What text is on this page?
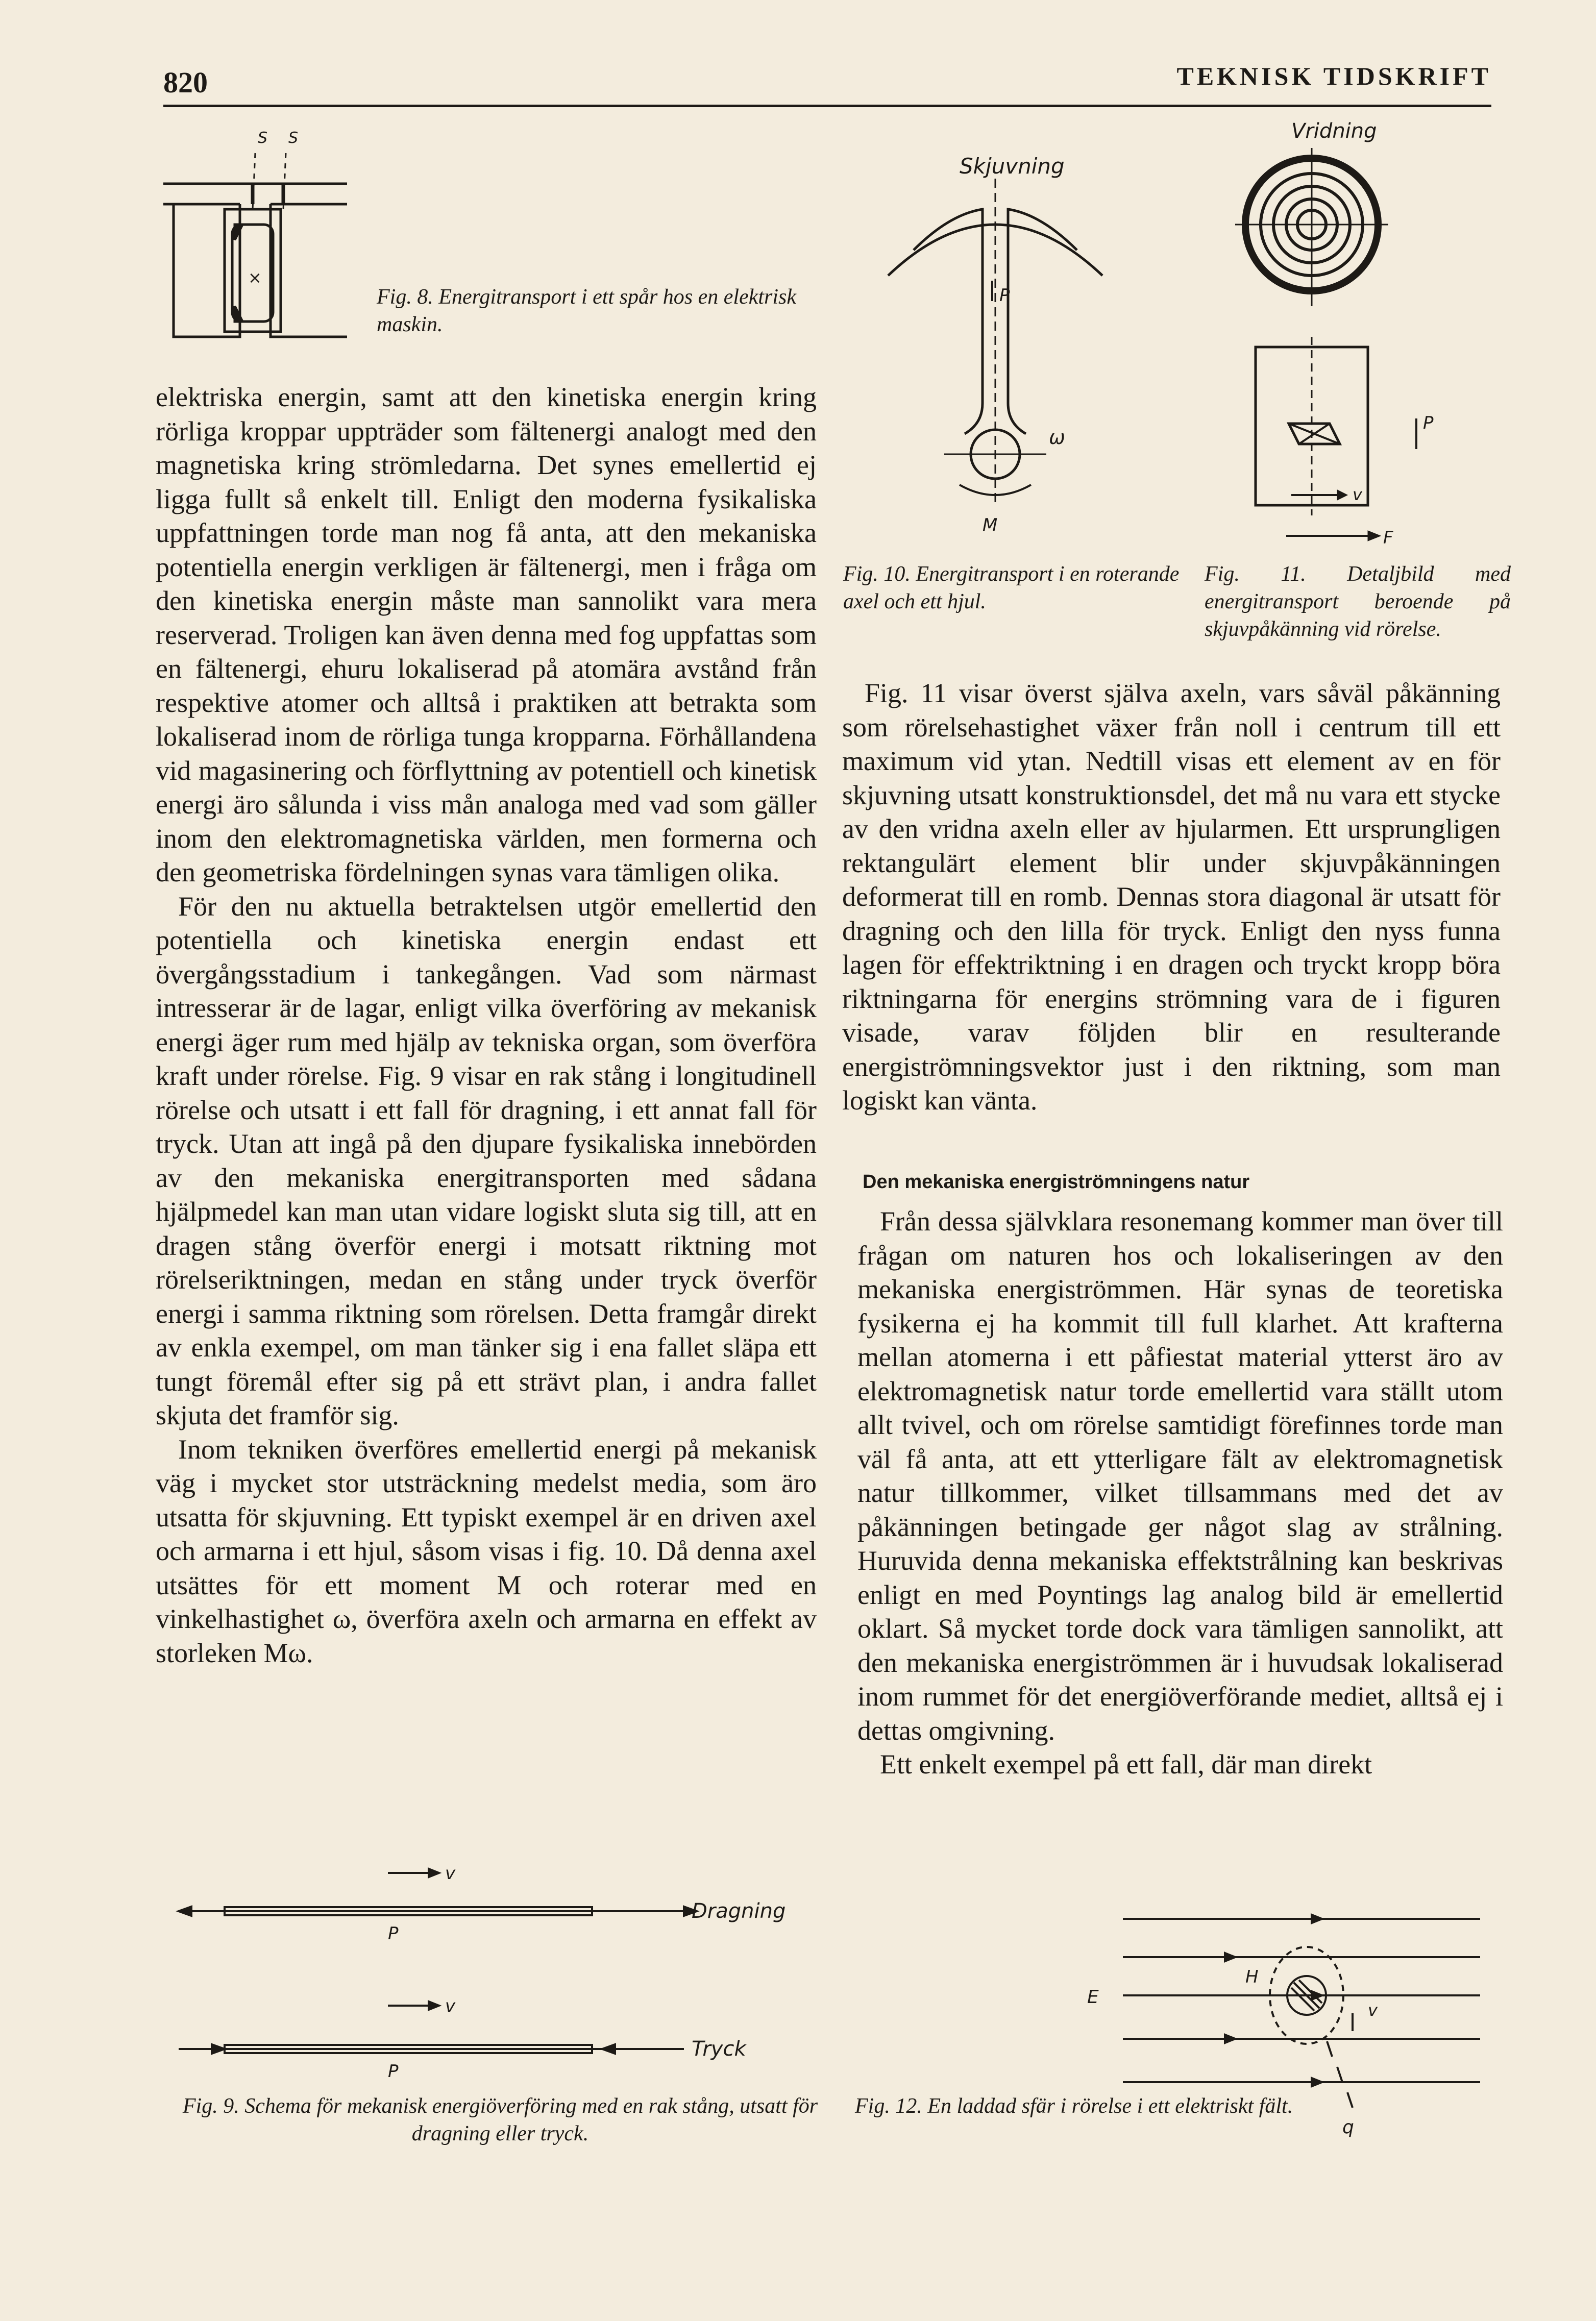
820	TEKNISK TIDSKRIFT
S S
×
Fig. 8. Energitransport i ett spår hos en elektrisk maskin.
Skjuvning
P
ω
M
Fig. 10. Energitransport i en roterande axel och ett hjul.
Vridning
P
v
F
Fig. 11. Detaljbild med energitransport beroende på skjuvpåkänning vid rörelse.

elektriska energin, samt att den kinetiska energin kring rörliga kroppar uppträder som fältenergi analogt med den magnetiska kring strömledarna. Det synes emellertid ej ligga fullt så enkelt till. Enligt den moderna fysikaliska uppfattningen torde man nog få anta, att den mekaniska potentiella energin verkligen är fältenergi, men i fråga om den kinetiska energin måste man sannolikt vara mera reserverad. Troligen kan även denna med fog uppfattas som en fältenergi, ehuru lokaliserad på atomära avstånd från respektive atomer och alltså i praktiken att betrakta som lokaliserad inom de rörliga tunga kropparna. Förhållandena vid magasinering och förflyttning av potentiell och kinetisk energi äro sålunda i viss mån analoga med vad som gäller inom den elektromagnetiska världen, men formerna och den geometriska fördelningen synas vara tämligen olika.

För den nu aktuella betraktelsen utgör emellertid den potentiella och kinetiska energin endast ett övergångsstadium i tankegången. Vad som närmast intresserar är de lagar, enligt vilka överföring av mekanisk energi äger rum med hjälp av tekniska organ, som överföra kraft under rörelse. Fig. 9 visar en rak stång i longitudinell rörelse och utsatt i ett fall för dragning, i ett annat fall för tryck. Utan att ingå på den djupare fysikaliska innebörden av den mekaniska energitransporten med sådana hjälpmedel kan man utan vidare logiskt sluta sig till, att en dragen stång överför energi i motsatt riktning mot rörelseriktningen, medan en stång under tryck överför energi i samma riktning som rörelsen. Detta framgår direkt av enkla exempel, om man tänker sig i ena fallet släpa ett tungt föremål efter sig på ett strävt plan, i andra fallet skjuta det framför sig.

Inom tekniken överföres emellertid energi på mekanisk väg i mycket stor utsträckning medelst media, som äro utsatta för skjuvning. Ett typiskt exempel är en driven axel och armarna i ett hjul, såsom visas i fig. 10. Då denna axel utsättes för ett moment M och roterar med en vinkelhastighet ω, överföra axeln och armarna en effekt av storleken Mω.

Fig. 11 visar överst själva axeln, vars såväl påkänning som rörelsehastighet växer från noll i centrum till ett maximum vid ytan. Nedtill visas ett element av en för skjuvning utsatt konstruktionsdel, det må nu vara ett stycke av den vridna axeln eller av hjularmen. Ett ursprungligen rektangulärt element blir under skjuvpåkänningen deformerat till en romb. Dennas stora diagonal är utsatt för dragning och den lilla för tryck. Enligt den nyss funna lagen för effektriktning i en dragen och tryckt kropp böra riktningarna för energins strömning vara de i figuren visade, varav följden blir en resulterande energiströmningsvektor just i den riktning, som man logiskt kan vänta.

Den mekaniska energiströmningens natur

Från dessa självklara resonemang kommer man över till frågan om naturen hos och lokaliseringen av den mekaniska energiströmmen. Här synas de teoretiska fysikerna ej ha kommit till full klarhet. Att krafterna mellan atomerna i ett påfiestat material ytterst äro av elektromagnetisk natur torde emellertid vara ställt utom allt tvivel, och om rörelse samtidigt förefinnes torde man väl få anta, att ett ytterligare fält av elektromagnetisk natur tillkommer, vilket tillsammans med det av påkänningen betingade ger något slag av strålning. Huruvida denna mekaniska effektstrålning kan beskrivas enligt en med Poyntings lag analog bild är emellertid oklart. Så mycket torde dock vara tämligen sannolikt, att den mekaniska energiströmmen är i huvudsak lokaliserad inom rummet för det energiöverförande mediet, alltså ej i dettas omgivning.

Ett enkelt exempel på ett fall, där man direkt

v
P
Dragning
v
P
Tryck
Fig. 9. Schema för mekanisk energiöverföring med en rak stång, utsatt för dragning eller tryck.
H
E
v
q
Fig. 12. En laddad sfär i rörelse i ett elektriskt fält.
